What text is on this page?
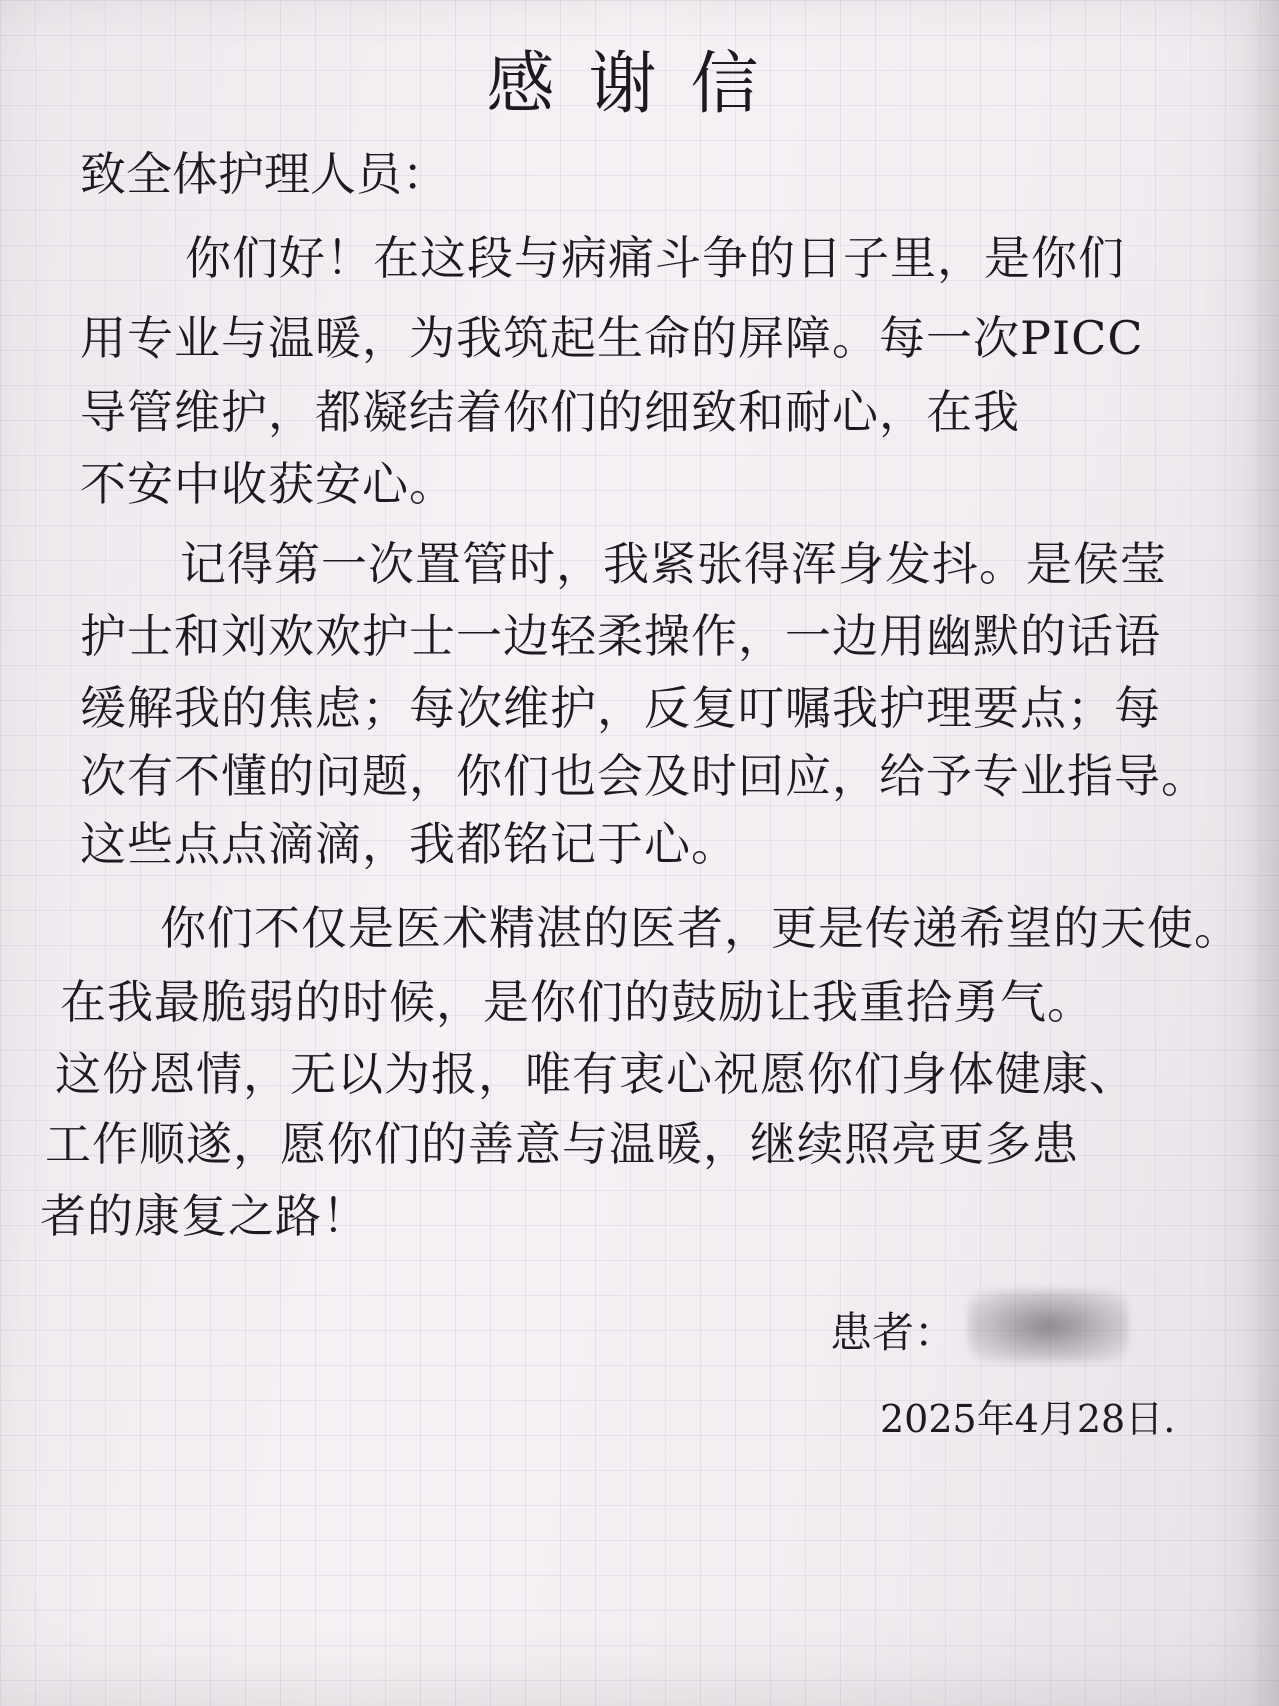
感谢信
致全体护理人员：
你们好！在这段与病痛斗争的日子里，是你们
用专业与温暖，为我筑起生命的屏障。每一次PICC
导管维护，都凝结着你们的细致和耐心，在我
不安中收获安心。
记得第一次置管时，我紧张得浑身发抖。是侯莹
护士和刘欢欢护士一边轻柔操作，一边用幽默的话语
缓解我的焦虑；每次维护，反复叮嘱我护理要点；每
次有不懂的问题，你们也会及时回应，给予专业指导。
这些点点滴滴，我都铭记于心。
你们不仅是医术精湛的医者，更是传递希望的天使。
在我最脆弱的时候，是你们的鼓励让我重拾勇气。
这份恩情，无以为报，唯有衷心祝愿你们身体健康、
工作顺遂，愿你们的善意与温暖，继续照亮更多患
者的康复之路！
患者：
2025年4月28日.
